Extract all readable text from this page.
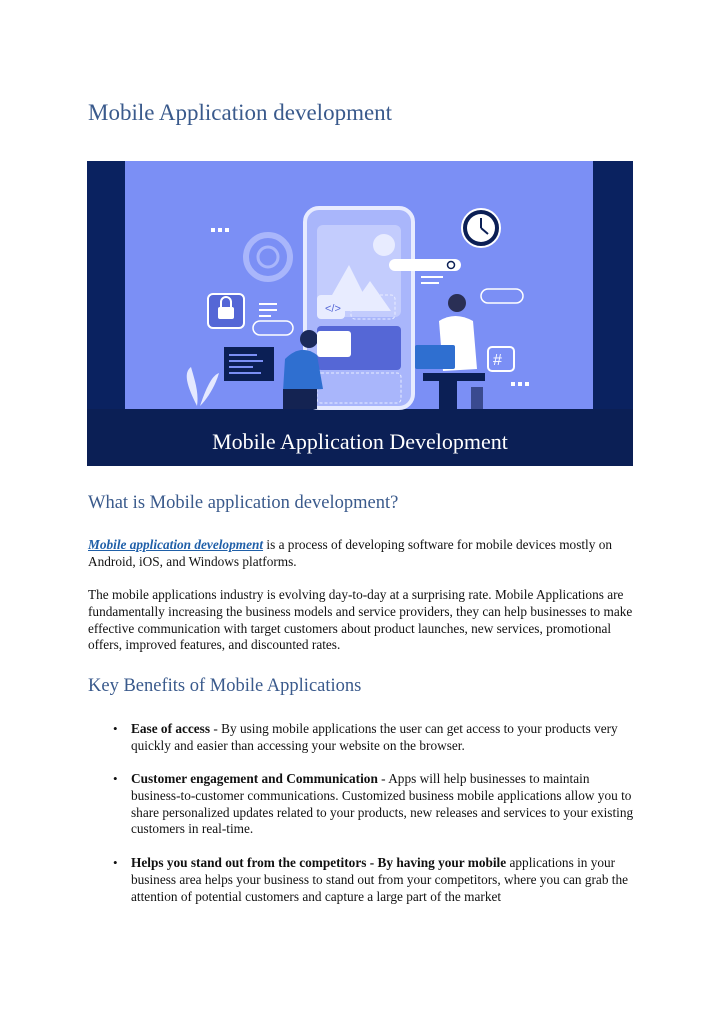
Mobile Application development
</>
#
Mobile Application Development
What is Mobile application development?

Mobile application development is a process of developing software for mobile devices mostly on Android, iOS, and Windows platforms.

The mobile applications industry is evolving day-to-day at a surprising rate. Mobile Applications are fundamentally increasing the business models and service providers, they can help businesses to make effective communication with target customers about product launches, new services, promotional offers, improved features, and discounted rates.

Key Benefits of Mobile Applications
• Ease of access - By using mobile applications the user can get access to your products very quickly and easier than accessing your website on the browser.
• Customer engagement and Communication - Apps will help businesses to maintain business-to-customer communications. Customized business mobile applications allow you to share personalized updates related to your products, new releases and services to your existing customers in real-time.
• Helps you stand out from the competitors - By having your mobile applications in your business area helps your business to stand out from your competitors, where you can grab the attention of potential customers and capture a large part of the market
